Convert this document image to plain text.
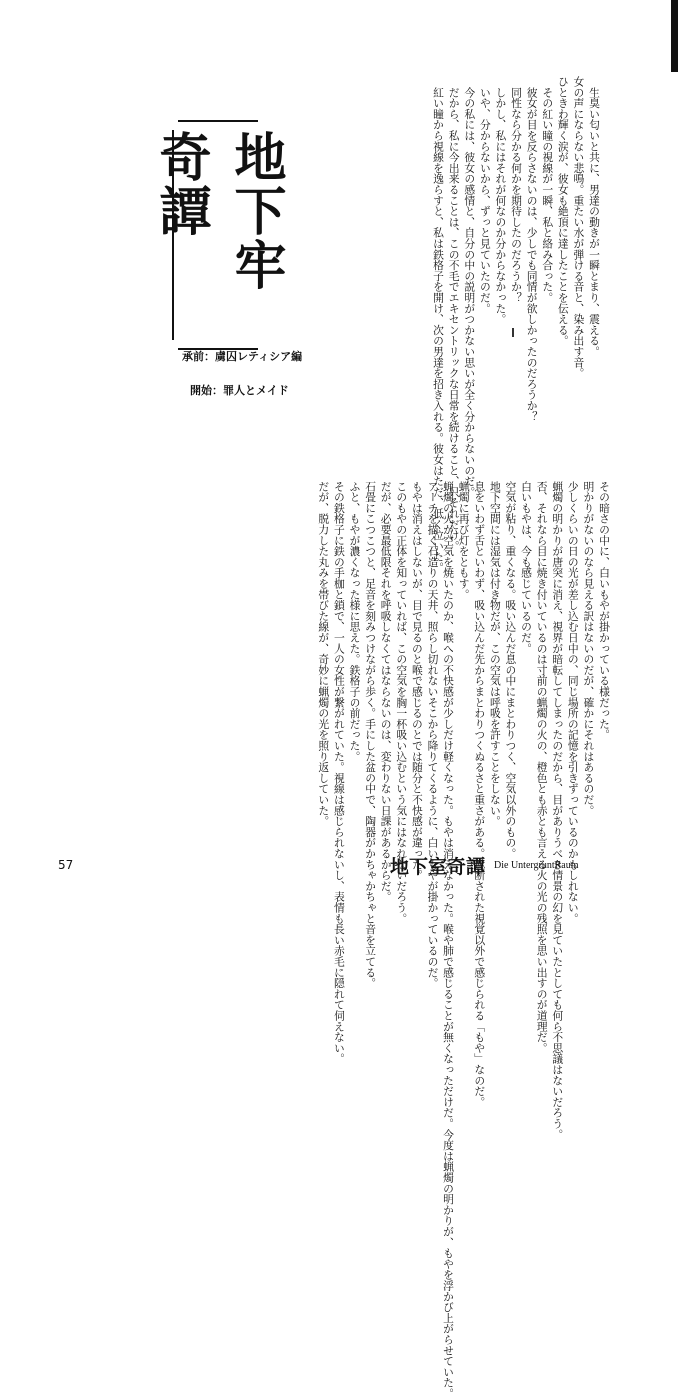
地下牢奇譚
承前：虜囚レティシア編
開始：罪人とメイド

　生臭い匂いと共に、男達の動きが一瞬とまり、震える。

女の声にならない悲鳴。重たい水が弾ける音と、染み出す音。

ひときわ輝く涙が、彼女も絶頂に達したことを伝える。

　その紅い瞳の視線が一瞬、私と絡み合った。

　彼女が目を反らさないのは、少しでも同情が欲しかったのだろうか？

　同性なら分かる何かを期待したのだろうか？

　しかし、私にはそれが何なのか分からなかった。

　いや、分からないから、ずっと見ていたのだ。

　今の私には、彼女の感情と、自分の中の説明がつかない思いが全く分からないのだ。

　だから、私に今出来ることは、この不毛でエキセントリックな日常を続けること、只それだけ。

　紅い瞳から視線を逸らすと、私は鉄格子を開け、次の男達を招き入れる。彼女はただ、低く泣いた。

　その暗さの中に、白いもやが掛かっている様だった。

　明かりがないのなら見える訳はないのだが、確かにそれはあるのだ。

　少しくらいの日の光が差し込む日中の、同じ場所の記憶を引きずっているのかもしれない。

　蝋燭の明かりが唐突に消え、視界が暗転してしまったのだから、目がありうべき情景の幻を見ていたとしても何ら不思議はないだろう。

　否、それなら目に焼き付いているのは寸前の蝋燭の火の、橙色とも赤とも言える火の光の残照を思い出すのが道理だ。

　白いもやは、今も感じているのだ。

　空気が粘り、重くなる。吸い込んだ息の中にまとわりつく、空気以外のもの。

　地下空間には湿気は付き物だが、この空気は呼吸を許すことをしない。

　息をいわず舌といわず、吸い込んだ先からまとわりつくぬるさと重さがある。遮断された視覚以外で感じられる「もや」なのだ。

　蝋燭に再び灯をともす。

　蝋燭の火が空気を焼いたのか、喉への不快感が少しだけ軽くなった。もやは消えなかった。喉や肺で感じることが無くなっただけだ。今度は蝋燭の明かりが、もやを浮かび上がらせていた。

　アーチを描く石造りの天井、照らし切れないそこから降りてくるように、白いもやが掛かっているのだ。

　もやは消えはしないが、目で見るのと喉で感じるのとでは随分と不快感が違った。

　このもやの正体を知っていれば、この空気を胸一杯吸い込むという気にはなれないだろう。

　だが、必要最低限それを呼吸しなくてはならないのは、変わりない日課があるからだ。

　石畳にこつこつと、足音を刻みつけながら歩く。手にした盆の中で、陶器がかちゃかちゃと音を立てる。

　ふと、もやが濃くなった様に思えた。鉄格子の前だった。

　その鉄格子に鉄の手枷と鎖で、一人の女性が繋がれていた。視線は感じられないし、表情も長い赤毛に隠れて伺えない。

　だが、脱力した丸みを帯びた線が、奇妙に蝋燭の光を照り返していた。

57	地下室奇譚 Die UntergruntRaum
